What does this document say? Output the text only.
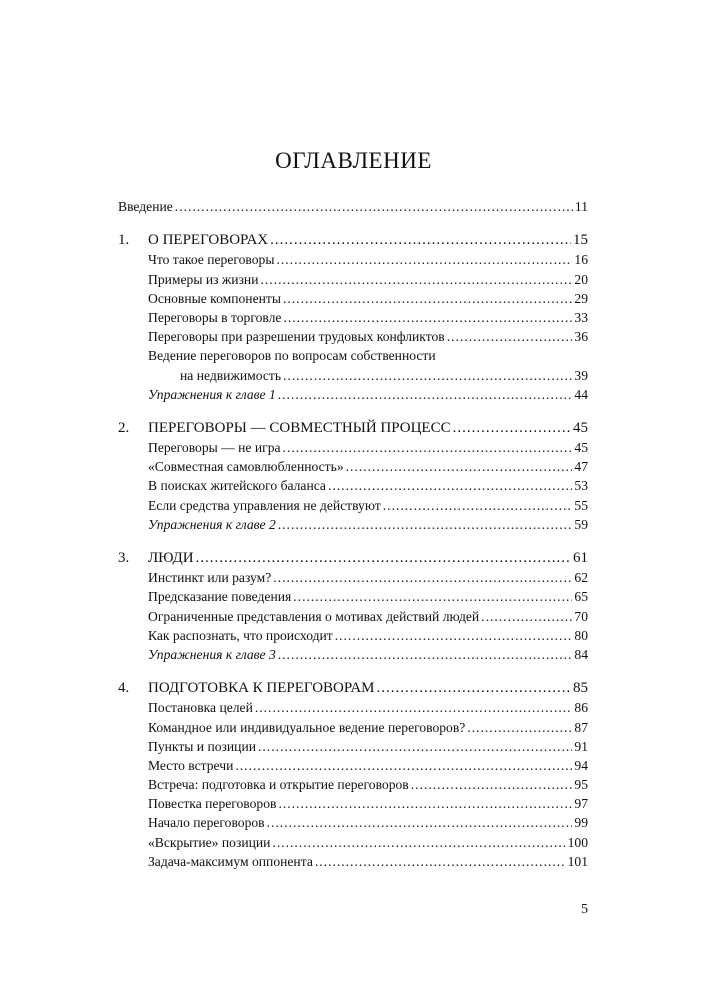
ОГЛАВЛЕНИЕ
Введение .....	11
1.	О ПЕРЕГОВОРАХ .....	15
Что такое переговоры .....	16
Примеры из жизни .....	20
Основные компоненты .....	29
Переговоры в торговле .....	33
Переговоры при разрешении трудовых конфликтов .....	36
Ведение переговоров по вопросам собственности
на недвижимость .....	39
Упражнения к главе 1 .....	44
2.	ПЕРЕГОВОРЫ — СОВМЕСТНЫЙ ПРОЦЕСС .....	45
Переговоры — не игра .....	45
«Совместная самовлюбленность» .....	47
В поисках житейского баланса .....	53
Если средства управления не действуют .....	55
Упражнения к главе 2 .....	59
3.	ЛЮДИ .....	61
Инстинкт или разум? .....	62
Предсказание поведения .....	65
Ограниченные представления о мотивах действий людей .....	70
Как распознать, что происходит .....	80
Упражнения к главе 3 .....	84
4.	ПОДГОТОВКА К ПЕРЕГОВОРАМ .....	85
Постановка целей .....	86
Командное или индивидуальное ведение переговоров? .....	87
Пункты и позиции .....	91
Место встречи .....	94
Встреча: подготовка и открытие переговоров .....	95
Повестка переговоров .....	97
Начало переговоров .....	99
«Вскрытие» позиции .....	100
Задача-максимум оппонента .....	101
5
